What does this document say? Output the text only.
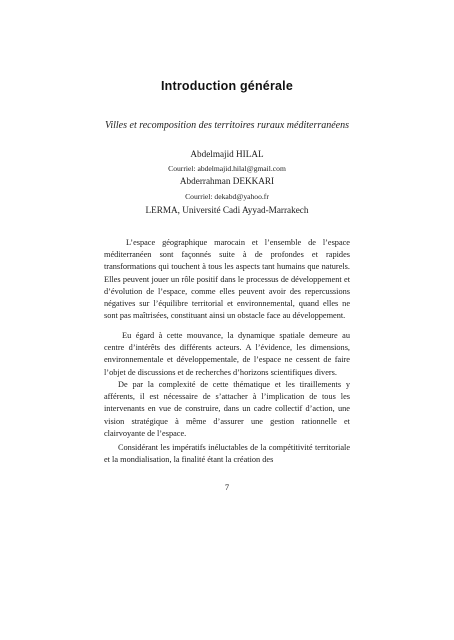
Introduction générale
Villes et recomposition des territoires ruraux méditerranéens
Abdelmajid HILAL
Courriel: abdelmajid.hilal@gmail.com
Abderrahman DEKKARI
Courriel: dekabd@yahoo.fr
LERMA, Université Cadi Ayyad-Marrakech

L’espace géographique marocain et l’ensemble de l’espace méditerranéen sont façonnés suite à de profondes et rapides transformations qui touchent à tous les aspects tant humains que naturels. Elles peuvent jouer un rôle positif dans le processus de développement et d’évolution de l’espace, comme elles peuvent avoir des repercussions négatives sur l’équilibre territorial et environnemental, quand elles ne sont pas maîtrisées, constituant ainsi un obstacle face au développement.

Eu égard à cette mouvance, la dynamique spatiale demeure au centre d’intérêts des différents acteurs. A l’évidence, les dimensions, environnementale et développementale, de l’espace ne cessent de faire l’objet de discussions et de recherches d’horizons scientifiques divers.

De par la complexité de cette thématique et les tiraillements y afférents, il est nécessaire de s’attacher à l’implication de tous les intervenants en vue de construire, dans un cadre collectif d’action, une vision stratégique à même d’assurer une gestion rationnelle et clairvoyante de l’espace.

Considérant les impératifs inéluctables de la compétitivité territoriale et la mondialisation, la finalité étant la création des

7
